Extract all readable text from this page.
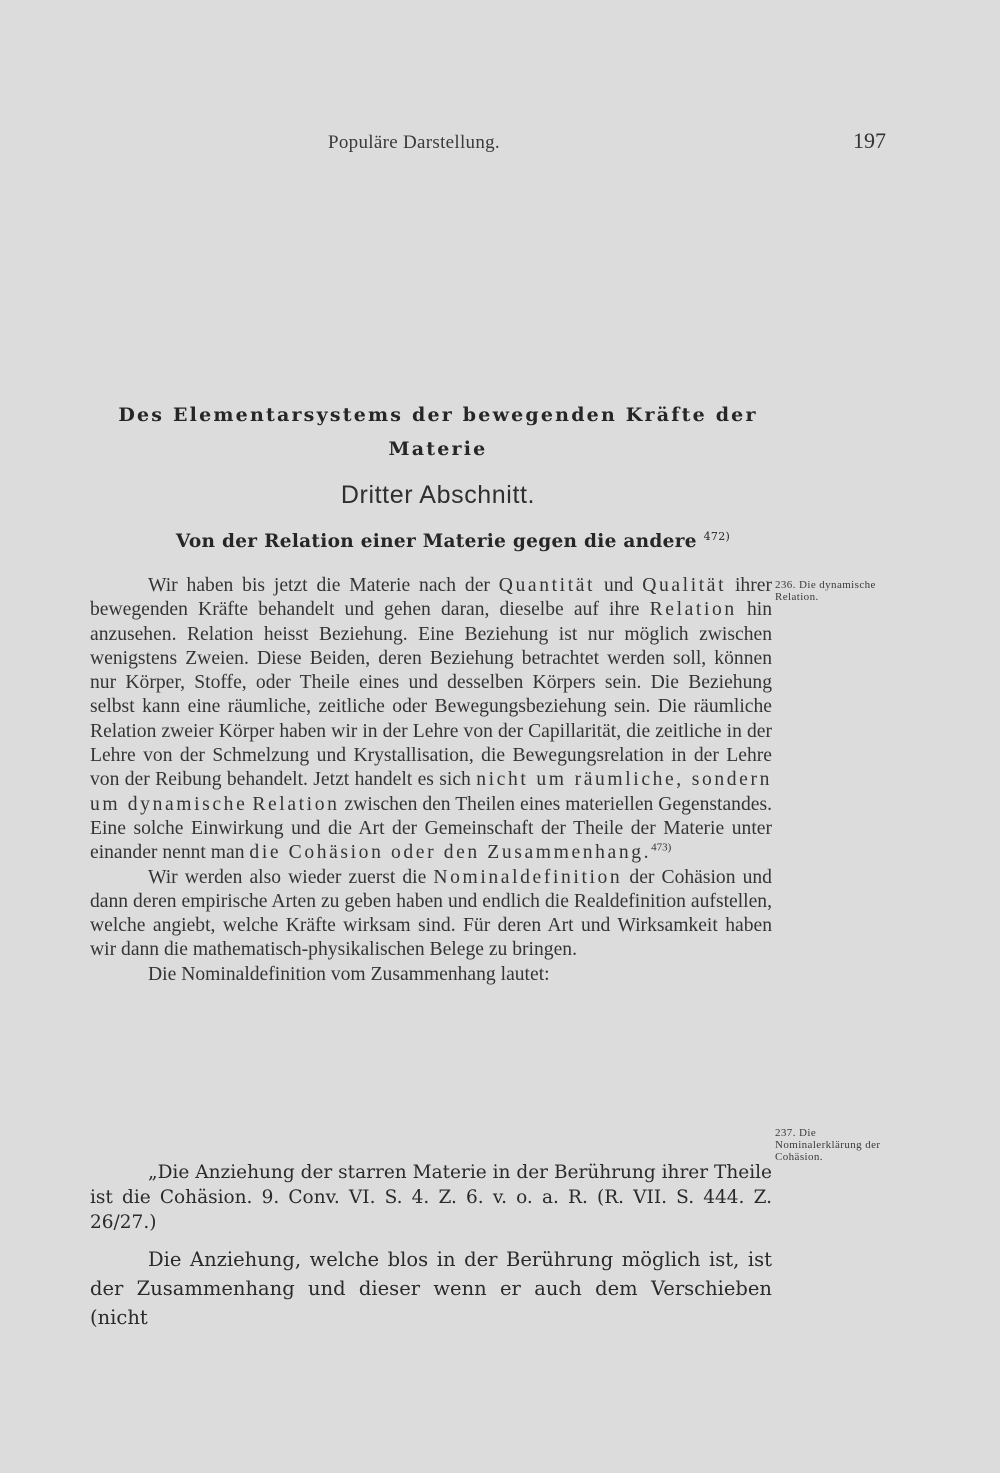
Populäre Darstellung.	197
Des Elementarsystems der bewegenden Kräfte der
Materie
Dritter Abschnitt.
Von der Relation einer Materie gegen die andere $^{472)}$
236. Die dynamische Relation.

Wir haben bis jetzt die Materie nach der Quantität und Qualität ihrer bewegenden Kräfte behandelt und gehen daran, dieselbe auf ihre Relation hin anzusehen. Relation heisst Beziehung. Eine Beziehung ist nur möglich zwischen wenigstens Zweien. Diese Beiden, deren Beziehung betrachtet werden soll, können nur Körper, Stoffe, oder Theile eines und desselben Körpers sein. Die Beziehung selbst kann eine räumliche, zeitliche oder Bewegungsbeziehung sein. Die räumliche Relation zweier Körper haben wir in der Lehre von der Capillarität, die zeitliche in der Lehre von der Schmelzung und Krystallisation, die Bewegungsrelation in der Lehre von der Reibung behandelt. Jetzt handelt es sich nicht um räumliche, sondern um dynamische Relation zwischen den Theilen eines materiellen Gegenstandes. Eine solche Einwirkung und die Art der Gemeinschaft der Theile der Materie unter einander nennt man die Cohäsion oder den Zusammenhang.$^{473)}$

Wir werden also wieder zuerst die Nominaldefinition der Cohäsion und dann deren empirische Arten zu geben haben und endlich die Realdefinition aufstellen, welche angiebt, welche Kräfte wirksam sind. Für deren Art und Wirksamkeit haben wir dann die mathematisch-physikalischen Belege zu bringen.

Die Nominaldefinition vom Zusammenhang lautet:

237. Die Nominalerklärung der Cohäsion.

„Die Anziehung der starren Materie in der Berührung ihrer Theile ist die Cohäsion. 9. Conv. VI. S. 4. Z. 6. v. o. a. R. (R. VII. S. 444. Z. 26/27.)

Die Anziehung, welche blos in der Berührung möglich ist, ist der Zusammenhang und dieser wenn er auch dem Verschieben (nicht
